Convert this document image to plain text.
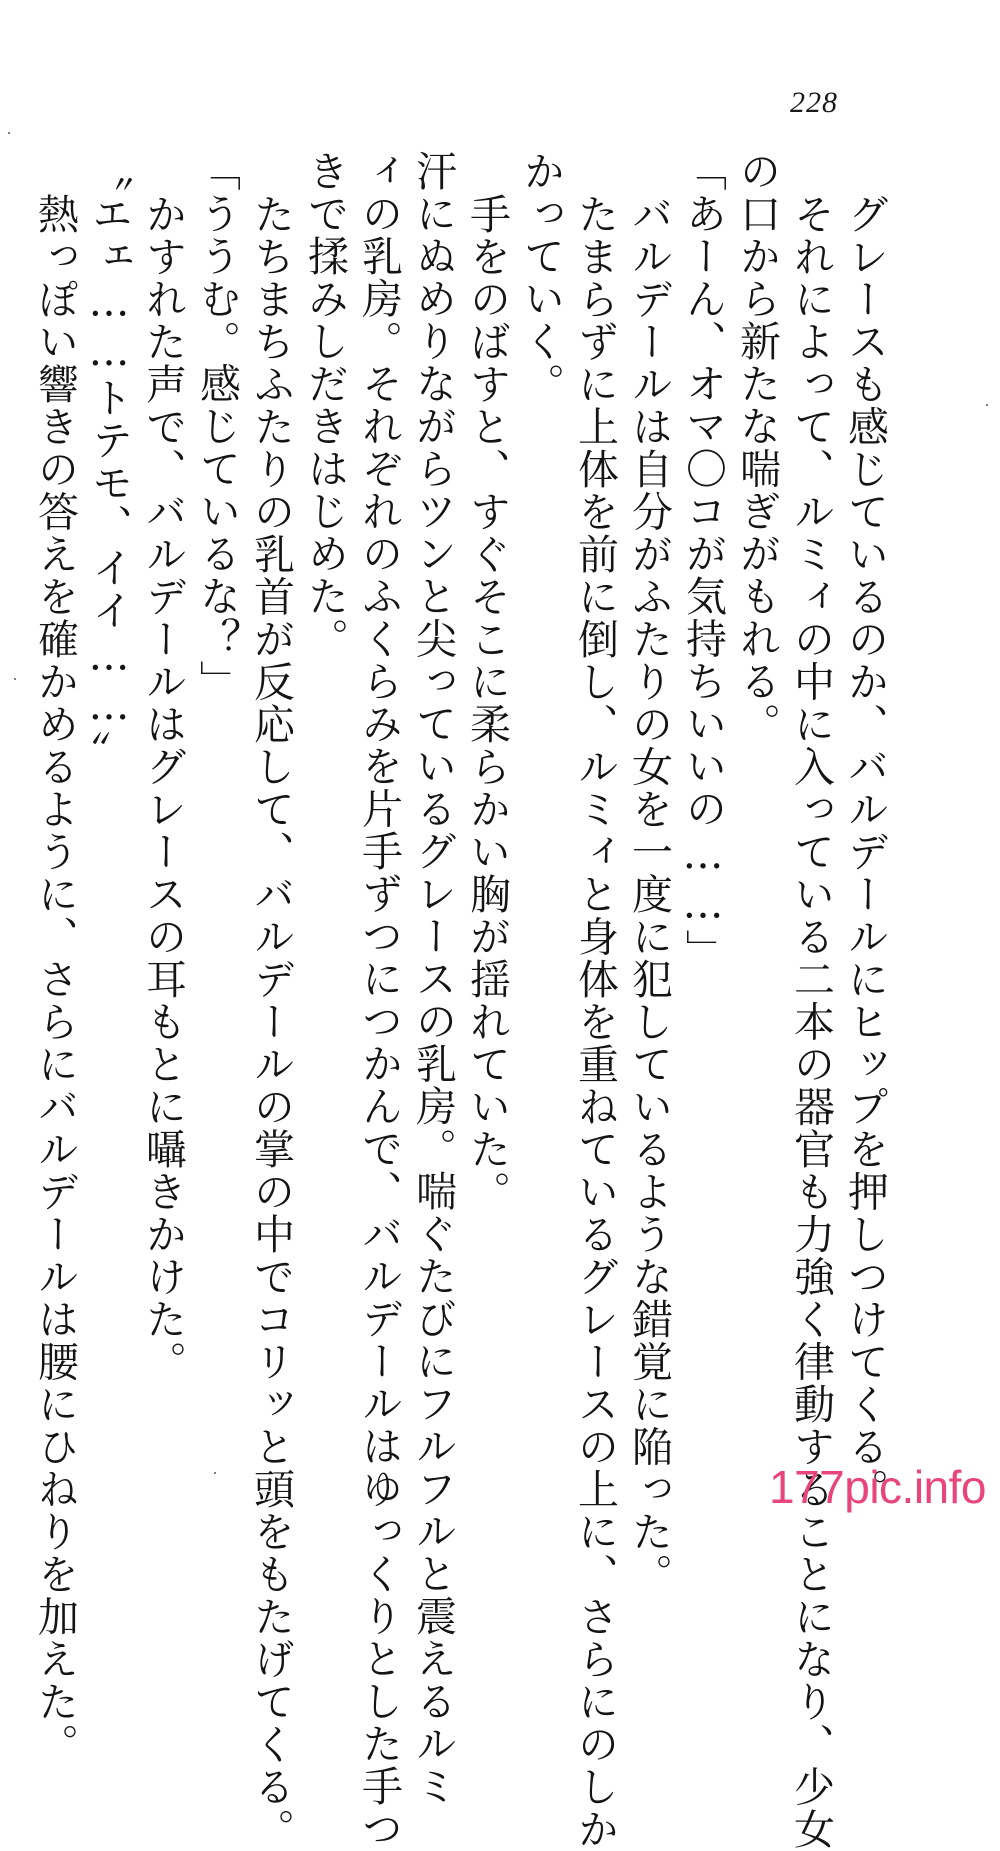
228
グレースも感じているのか、バルデールにヒップを押しつけてくる。
それによって、ルミィの中に入っている二本の器官も力強く律動することになり、少女
の口から新たな喘ぎがもれる。
「あーん、オマ〇コが気持ちいいの……」
バルデールは自分がふたりの女を一度に犯しているような錯覚に陥った。
たまらずに上体を前に倒し、ルミィと身体を重ねているグレースの上に、さらにのしか
かっていく。
手をのばすと、すぐそこに柔らかい胸が揺れていた。
汗にぬめりながらツンと尖っているグレースの乳房。喘ぐたびにフルフルと震えるルミ
ィの乳房。それぞれのふくらみを片手ずつにつかんで、バルデールはゆっくりとした手つ
きで揉みしだきはじめた。
たちまちふたりの乳首が反応して、バルデールの掌の中でコリッと頭をもたげてくる。
「ううむ。感じているな？」
かすれた声で、バルデールはグレースの耳もとに囁きかけた。
〝エェ……トテモ、イイ……〟
熱っぽい響きの答えを確かめるように、さらにバルデールは腰にひねりを加えた。	177pic.info
